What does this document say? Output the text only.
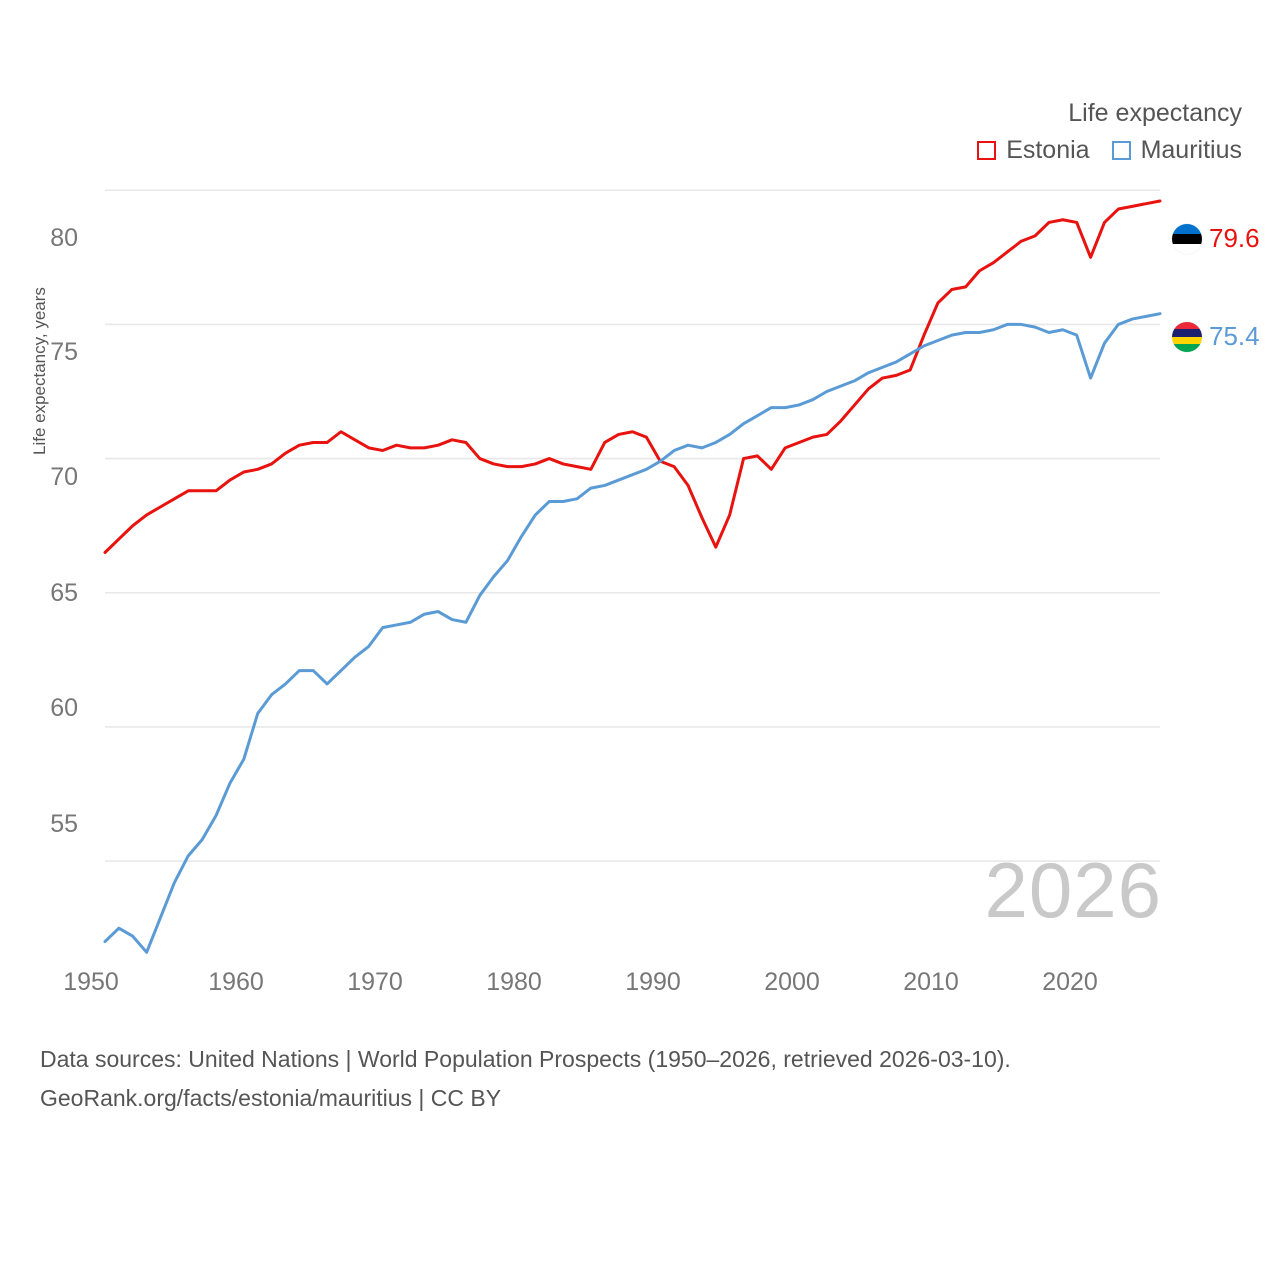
Life expectancy
Estonia Mauritius
Life expectancy, years
55
60
65
70
75
80
1950	1960	1970	1980	1990	2000	2010	2020
2026
79.6
75.4
Data sources: United Nations | World Population Prospects (1950–2026, retrieved 2026-03-10).
GeoRank.org/facts/estonia/mauritius | CC BY
